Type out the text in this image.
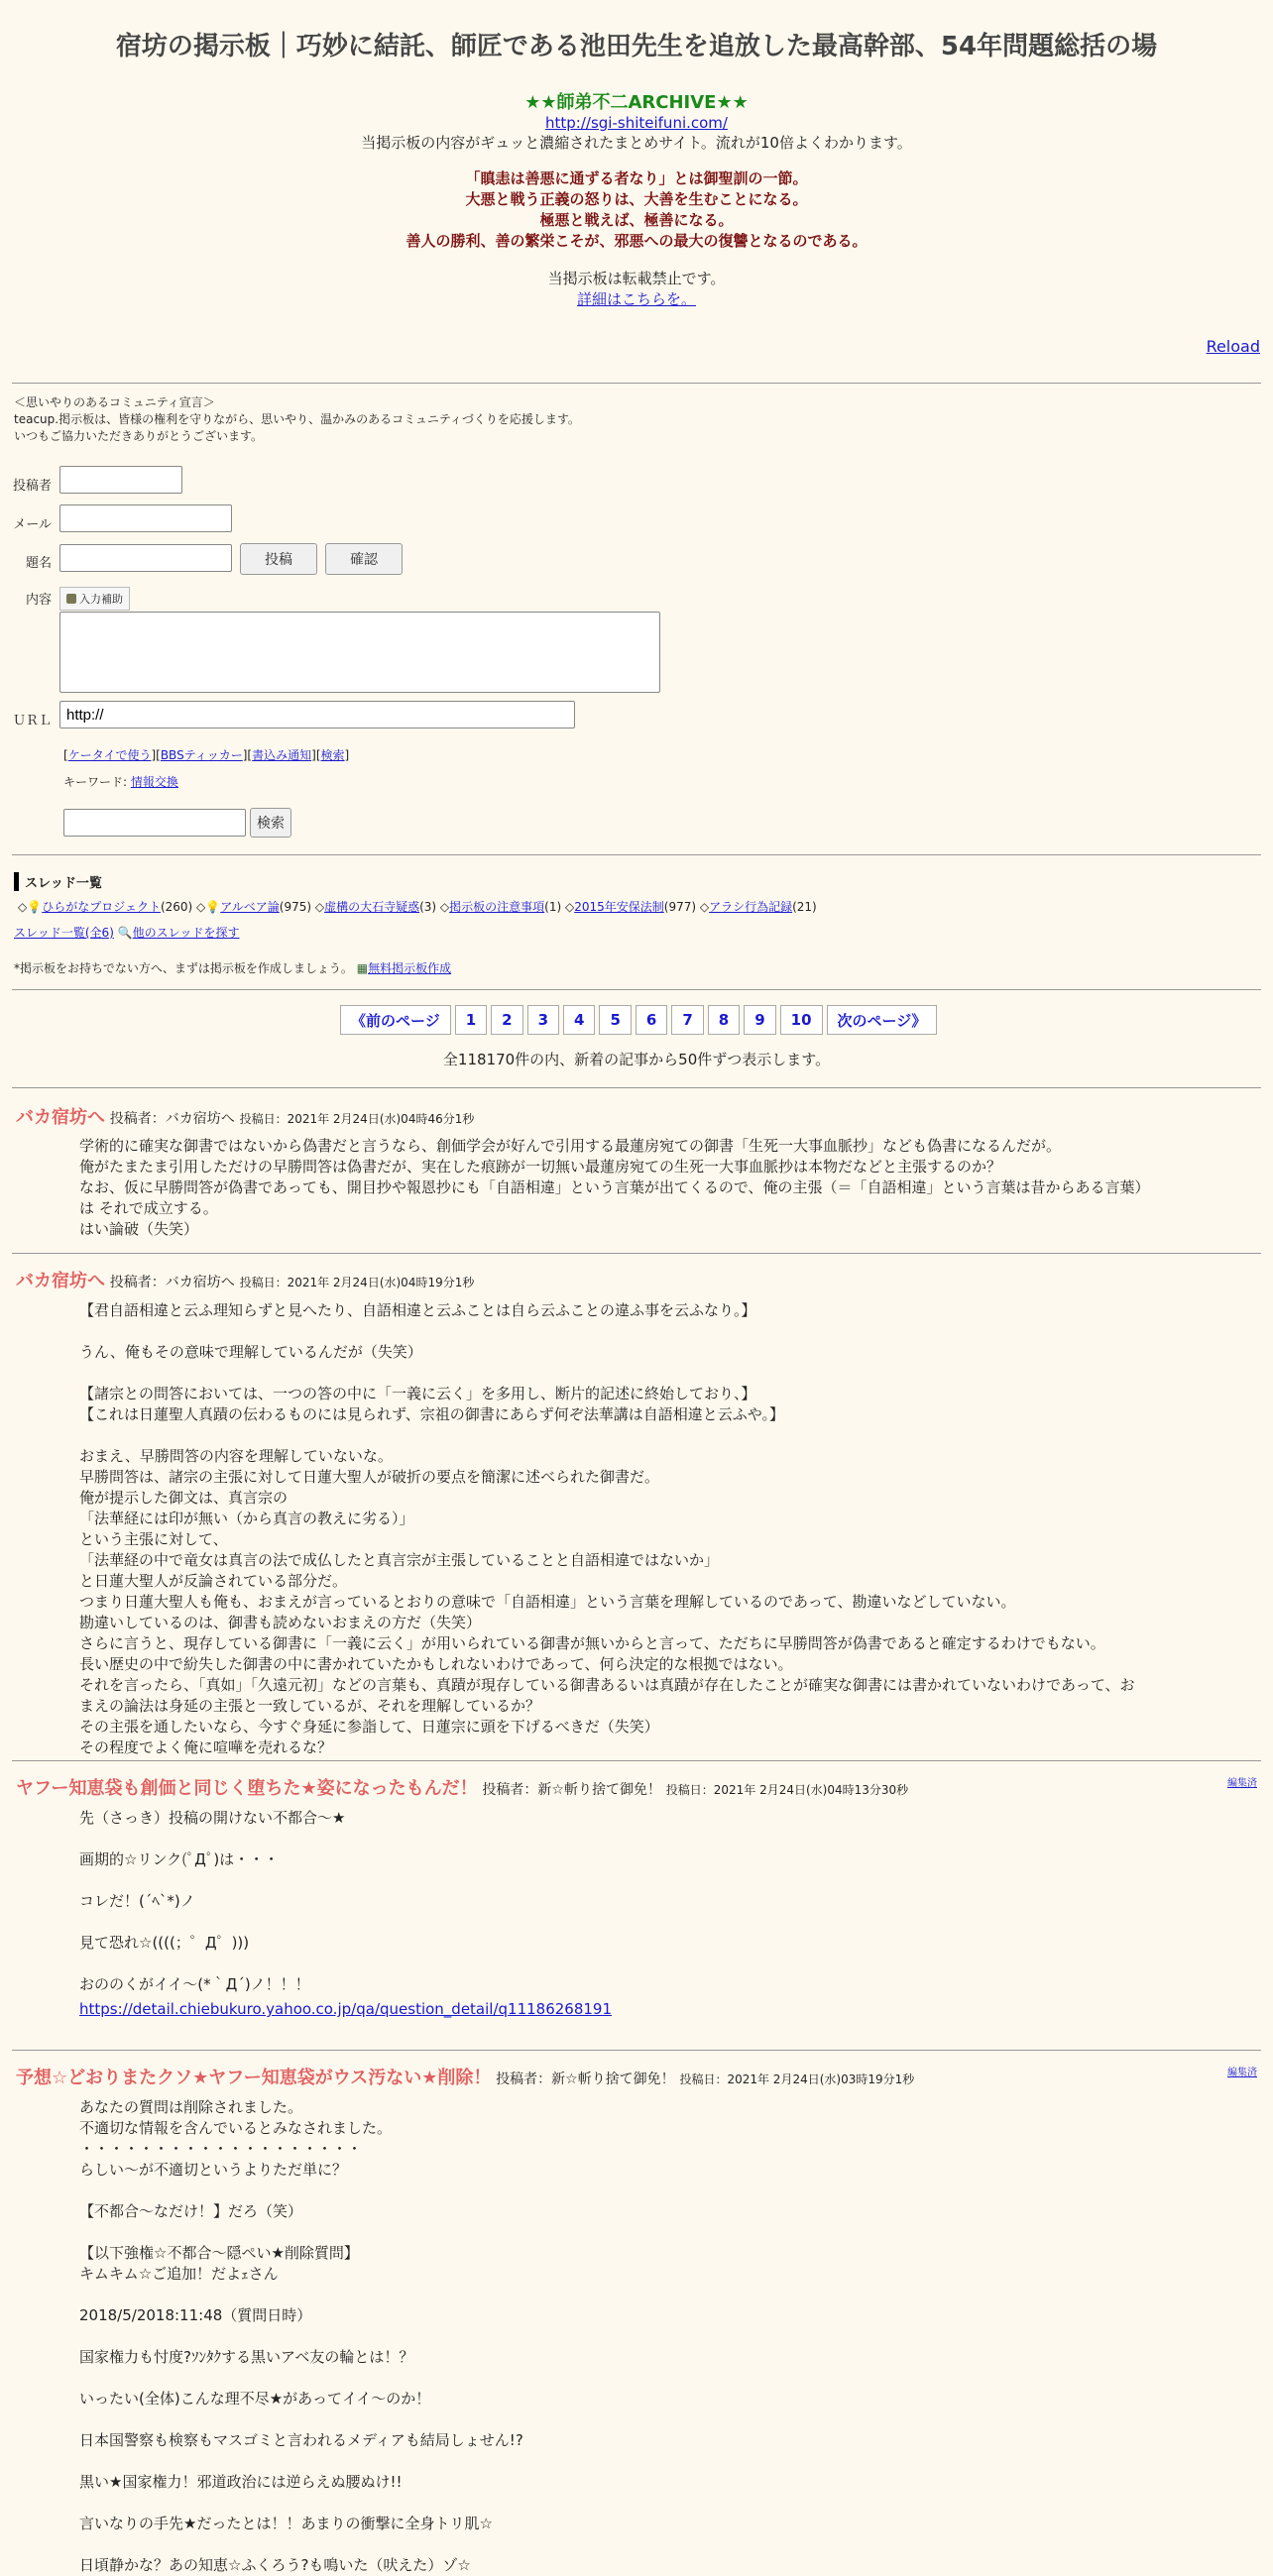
宿坊の掲示板｜巧妙に結託、師匠である池田先生を追放した最高幹部、54年問題総括の場
★★師弟不二ARCHIVE★★
http://sgi-shiteifuni.com/
当掲示板の内容がギュッと濃縮されたまとめサイト。流れが10倍よくわかります。
「瞋恚は善悪に通ずる者なり」とは御聖訓の一節。
大悪と戦う正義の怒りは、大善を生むことになる。
極悪と戦えば、極善になる。
善人の勝利、善の繁栄こそが、邪悪への最大の復讐となるのである。
当掲示板は転載禁止です。
詳細はこちらを。
Reload
＜思いやりのあるコミュニティ宣言＞
teacup.掲示板は、皆様の権利を守りながら、思いやり、温かみのあるコミュニティづくりを応援します。
いつもご協力いただきありがとうございます。
投稿者
メール
題名	投稿	確認
内容	入力補助
ＵＲＬ
http://
[ケータイで使う][BBSティッカー][書込み通知][検索]
キーワード: 情報交換
検索
スレッド一覧
◇💡ひらがなプロジェクト(260) ◇💡アルベア論(975) ◇虚構の大石寺疑惑(3) ◇掲示板の注意事項(1) ◇2015年安保法制(977) ◇アラシ行為記録(21)
スレッド一覧(全6) 🔍他のスレッドを探す
*掲示板をお持ちでない方へ、まずは掲示板を作成しましょう。 ▦無料掲示板作成
《前のページ	1	2	3	4	5	6	7	8	9	10	次のページ》
全118170件の内、新着の記事から50件ずつ表示します。
バカ宿坊へ 投稿者：バカ宿坊へ 投稿日：2021年 2月24日(水)04時46分1秒
学術的に確実な御書ではないから偽書だと言うなら、創価学会が好んで引用する最蓮房宛ての御書「生死一大事血脈抄」なども偽書になるんだが。
俺がたまたま引用しただけの早勝問答は偽書だが、実在した痕跡が一切無い最蓮房宛ての生死一大事血脈抄は本物だなどと主張するのか？
なお、仮に早勝問答が偽書であっても、開目抄や報恩抄にも「自語相違」という言葉が出てくるので、俺の主張（＝「自語相違」という言葉は昔からある言葉）
は それで成立する。
はい論破（失笑）
バカ宿坊へ 投稿者：バカ宿坊へ 投稿日：2021年 2月24日(水)04時19分1秒
【君自語相違と云ふ理知らずと見へたり、自語相違と云ふことは自ら云ふことの違ふ事を云ふなり。】

うん、俺もその意味で理解しているんだが（失笑）

【諸宗との問答においては、一つの答の中に「一義に云く」を多用し、断片的記述に終始しており、】
【これは日蓮聖人真蹟の伝わるものには見られず、宗祖の御書にあらず何ぞ法華講は自語相違と云ふや。】

おまえ、早勝問答の内容を理解していないな。
早勝問答は、諸宗の主張に対して日蓮大聖人が破折の要点を簡潔に述べられた御書だ。
俺が提示した御文は、真言宗の
「法華経には印が無い（から真言の教えに劣る）」
という主張に対して、
「法華経の中で竜女は真言の法で成仏したと真言宗が主張していることと自語相違ではないか」
と日蓮大聖人が反論されている部分だ。
つまり日蓮大聖人も俺も、おまえが言っているとおりの意味で「自語相違」という言葉を理解しているのであって、勘違いなどしていない。
勘違いしているのは、御書も読めないおまえの方だ（失笑）
さらに言うと、現存している御書に「一義に云く」が用いられている御書が無いからと言って、ただちに早勝問答が偽書であると確定するわけでもない。
長い歴史の中で紛失した御書の中に書かれていたかもしれないわけであって、何ら決定的な根拠ではない。
それを言ったら、「真如」「久遠元初」などの言葉も、真蹟が現存している御書あるいは真蹟が存在したことが確実な御書には書かれていないわけであって、お
まえの論法は身延の主張と一致しているが、それを理解しているか？
その主張を通したいなら、今すぐ身延に参詣して、日蓮宗に頭を下げるべきだ（失笑）
その程度でよく俺に喧嘩を売れるな？
編集済
ヤフー知恵袋も創価と同じく堕ちた★姿になったもんだ！ 投稿者：新☆斬り捨て御免！ 投稿日：2021年 2月24日(水)04時13分30秒
先（さっき）投稿の開けない不都合～★

画期的☆リンク(ﾟДﾟ)は・・・

コレだ！(´ﾍ`*)ノ

見て恐れ☆((((；゜Д゜)))

おののくがイイ～(*｀Д´)ノ！！！
https://detail.chiebukuro.yahoo.co.jp/qa/question_detail/q11186268191
編集済
予想☆どおりまたクソ★ヤフー知恵袋がウス汚ない★削除！ 投稿者：新☆斬り捨て御免！ 投稿日：2021年 2月24日(水)03時19分1秒
あなたの質問は削除されました。
不適切な情報を含んでいるとみなされました。
・・・・・・・・・・・・・・・・・・・
らしい～が不適切というよりただ単に？

【不都合～なだけ！】だろ（笑）

【以下強権☆不都合～隠ぺい★削除質問】
キムキム☆ご追加！だよｪさん

2018/5/2018:11:48（質問日時）

国家権力も忖度?ｿﾝﾀｸする黒いアベ友の輪とは！？

いったい(全体)こんな理不尽★があってイイ～のか！

日本国警察も検察もマスゴミと言われるメディアも結局しょせん!?

黒い★国家権力！邪道政治には逆らえぬ腰ぬけ!!

言いなりの手先★だったとは！！あまりの衝撃に全身トリ肌☆

日頃静かな？あの知恵☆ふくろう?も鳴いた（吠えた）ゾ☆
